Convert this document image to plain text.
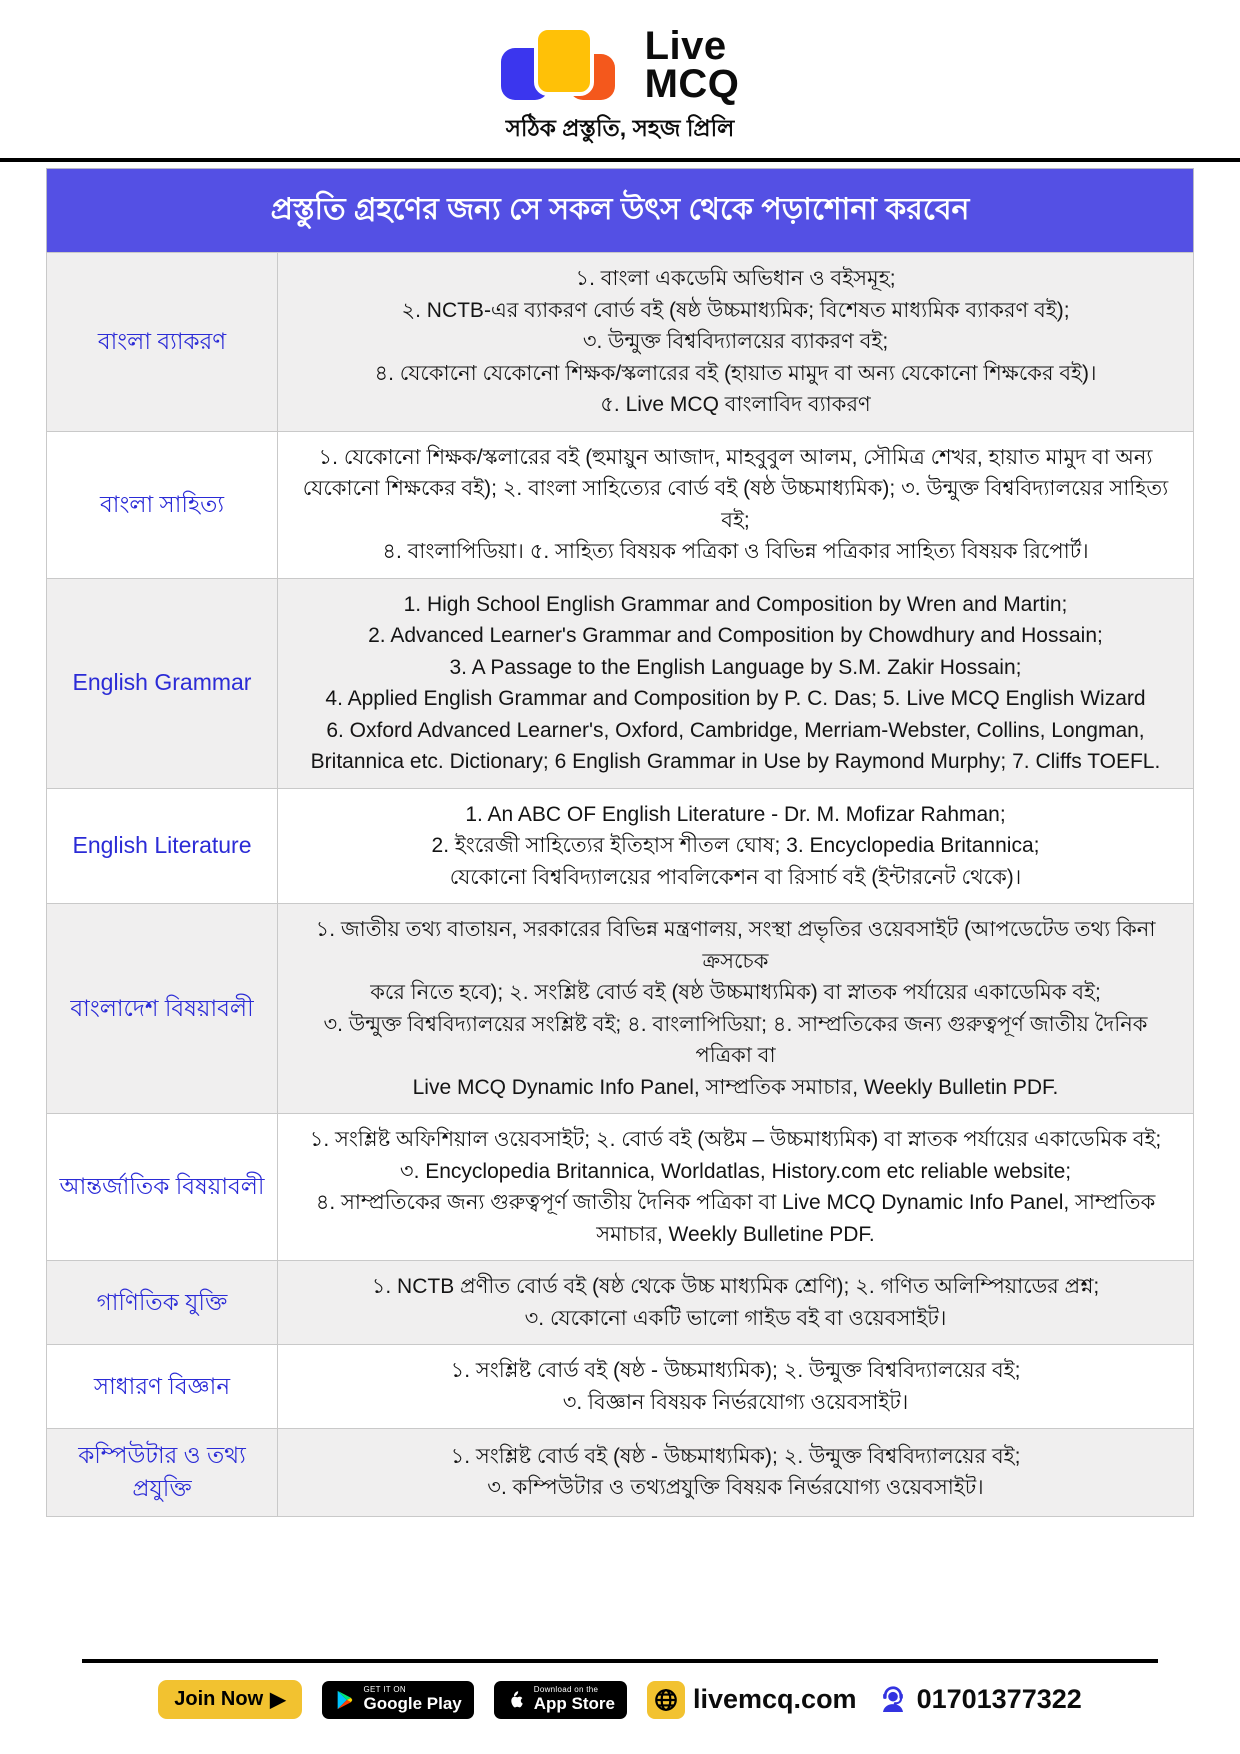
Live
MCQ
সঠিক প্রস্তুতি, সহজ প্রিলি
প্রস্তুতি গ্রহণের জন্য সে সকল উৎস থেকে পড়াশোনা করবেন
বাংলা ব্যাকরণ
১. বাংলা একডেমি অভিধান ও বইসমূহ;
২. NCTB-এর ব্যাকরণ বোর্ড বই (ষষ্ঠ উচ্চমাধ্যমিক; বিশেষত মাধ্যমিক ব্যাকরণ বই);
৩. উন্মুক্ত বিশ্ববিদ্যালয়ের ব্যাকরণ বই;
৪. যেকোনো যেকোনো শিক্ষক/স্কলারের বই (হায়াত মামুদ বা অন্য যেকোনো শিক্ষকের বই)।
৫. Live MCQ বাংলাবিদ ব্যাকরণ
বাংলা সাহিত্য
১. যেকোনো শিক্ষক/স্কলারের বই (হুমায়ুন আজাদ, মাহবুবুল আলম, সৌমিত্র শেখর, হায়াত মামুদ বা অন্য
যেকোনো শিক্ষকের বই); ২. বাংলা সাহিত্যের বোর্ড বই (ষষ্ঠ উচ্চমাধ্যমিক); ৩. উন্মুক্ত বিশ্ববিদ্যালয়ের সাহিত্য বই;
৪. বাংলাপিডিয়া। ৫. সাহিত্য বিষয়ক পত্রিকা ও বিভিন্ন পত্রিকার সাহিত্য বিষয়ক রিপোর্ট।
English Grammar
1. High School English Grammar and Composition by Wren and Martin;
2. Advanced Learner's Grammar and Composition by Chowdhury and Hossain;
3. A Passage to the English Language by S.M. Zakir Hossain;
4. Applied English Grammar and Composition by P. C. Das; 5. Live MCQ English Wizard
6. Oxford Advanced Learner's, Oxford, Cambridge, Merriam-Webster, Collins, Longman, Britannica etc. Dictionary; 6 English Grammar in Use by Raymond Murphy; 7. Cliffs TOEFL.
English Literature
1. An ABC OF English Literature - Dr. M. Mofizar Rahman;
2. ইংরেজী সাহিত্যের ইতিহাস শীতল ঘোষ; 3. Encyclopedia Britannica;
যেকোনো বিশ্ববিদ্যালয়ের পাবলিকেশন বা রিসার্চ বই (ইন্টারনেট থেকে)।
বাংলাদেশ বিষয়াবলী
১. জাতীয় তথ্য বাতায়ন, সরকারের বিভিন্ন মন্ত্রণালয়, সংস্থা প্রভৃতির ওয়েবসাইট (আপডেটেড তথ্য কিনা ক্রসচেক
করে নিতে হবে); ২. সংশ্লিষ্ট বোর্ড বই (ষষ্ঠ উচ্চমাধ্যমিক) বা স্নাতক পর্যায়ের একাডেমিক বই;
৩. উন্মুক্ত বিশ্ববিদ্যালয়ের সংশ্লিষ্ট বই; ৪. বাংলাপিডিয়া; ৪. সাম্প্রতিকের জন্য গুরুত্বপূর্ণ জাতীয় দৈনিক পত্রিকা বা
Live MCQ Dynamic Info Panel, সাম্প্রতিক সমাচার, Weekly Bulletin PDF.
আন্তর্জাতিক বিষয়াবলী
১. সংশ্লিষ্ট অফিশিয়াল ওয়েবসাইট; ২. বোর্ড বই (অষ্টম – উচ্চমাধ্যমিক) বা স্নাতক পর্যায়ের একাডেমিক বই;
৩. Encyclopedia Britannica, Worldatlas, History.com etc reliable website;
৪. সাম্প্রতিকের জন্য গুরুত্বপূর্ণ জাতীয় দৈনিক পত্রিকা বা Live MCQ Dynamic Info Panel, সাম্প্রতিক
সমাচার, Weekly Bulletine PDF.
গাণিতিক যুক্তি
১. NCTB প্রণীত বোর্ড বই (ষষ্ঠ থেকে উচ্চ মাধ্যমিক শ্রেণি); ২. গণিত অলিম্পিয়াডের প্রশ্ন;
৩. যেকোনো একটি ভালো গাইড বই বা ওয়েবসাইট।
সাধারণ বিজ্ঞান
১. সংশ্লিষ্ট বোর্ড বই (ষষ্ঠ - উচ্চমাধ্যমিক); ২. উন্মুক্ত বিশ্ববিদ্যালয়ের বই;
৩. বিজ্ঞান বিষয়ক নির্ভরযোগ্য ওয়েবসাইট।
কম্পিউটার ও তথ্য প্রযুক্তি
১. সংশ্লিষ্ট বোর্ড বই (ষষ্ঠ - উচ্চমাধ্যমিক); ২. উন্মুক্ত বিশ্ববিদ্যালয়ের বই;
৩. কম্পিউটার ও তথ্যপ্রযুক্তি বিষয়ক নির্ভরযোগ্য ওয়েবসাইট।
Join Now ▶	GET IT ON
Google Play
Download on the
App Store	livemcq.com 01701377322
